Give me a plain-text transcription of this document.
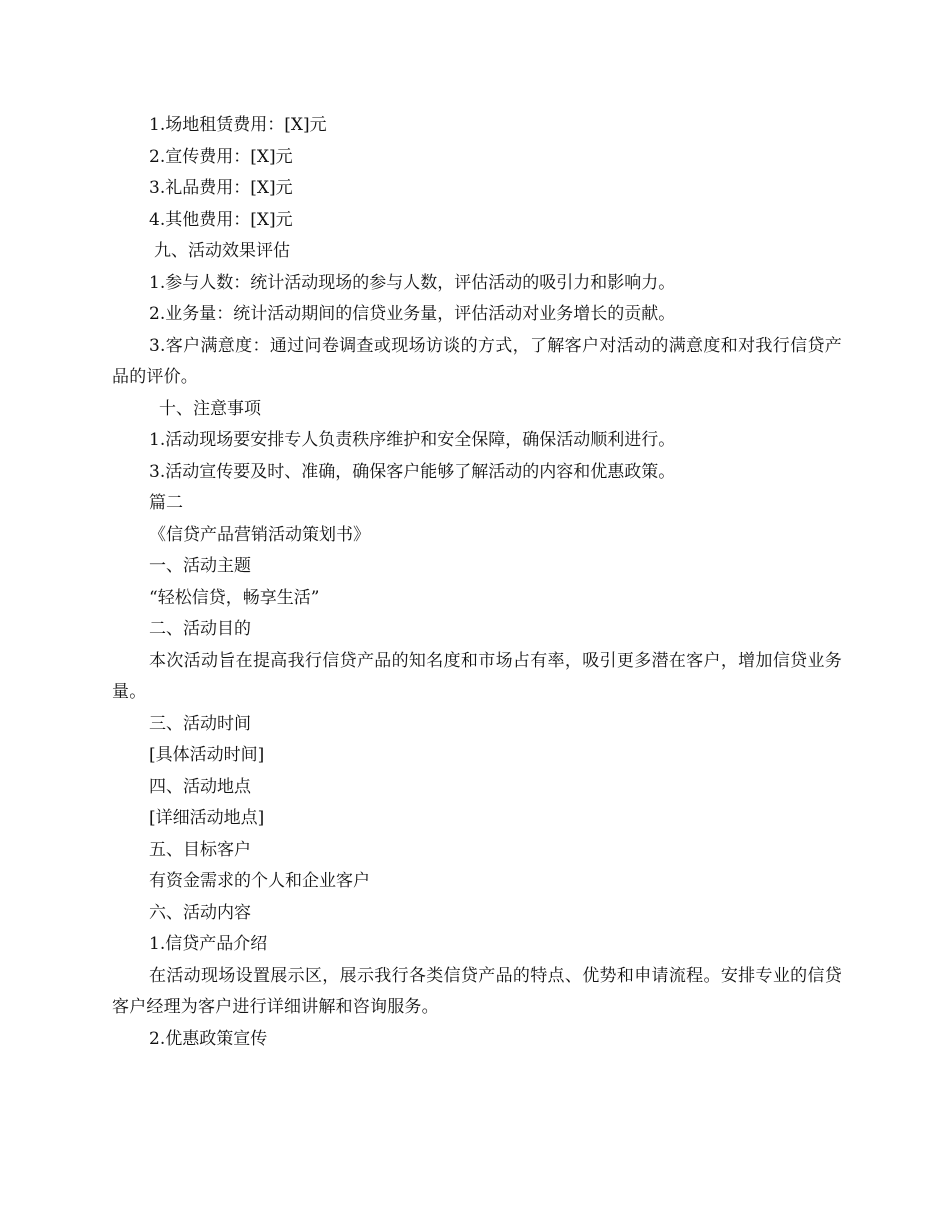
1.场地租赁费用：[X]元

2.宣传费用：[X]元

3.礼品费用：[X]元

4.其他费用：[X]元

九、活动效果评估

1.参与人数：统计活动现场的参与人数，评估活动的吸引力和影响力。

2.业务量：统计活动期间的信贷业务量，评估活动对业务增长的贡献。

3.客户满意度：通过问卷调查或现场访谈的方式，了解客户对活动的满意度和对我行信贷产品的评价。

十、注意事项

1.活动现场要安排专人负责秩序维护和安全保障，确保活动顺利进行。

3.活动宣传要及时、准确，确保客户能够了解活动的内容和优惠政策。

篇二

《信贷产品营销活动策划书》

一、活动主题

“轻松信贷，畅享生活”

二、活动目的

本次活动旨在提高我行信贷产品的知名度和市场占有率，吸引更多潜在客户，增加信贷业务量。

三、活动时间

[具体活动时间]

四、活动地点

[详细活动地点]

五、目标客户

有资金需求的个人和企业客户

六、活动内容

1.信贷产品介绍

在活动现场设置展示区，展示我行各类信贷产品的特点、优势和申请流程。安排专业的信贷客户经理为客户进行详细讲解和咨询服务。

2.优惠政策宣传
